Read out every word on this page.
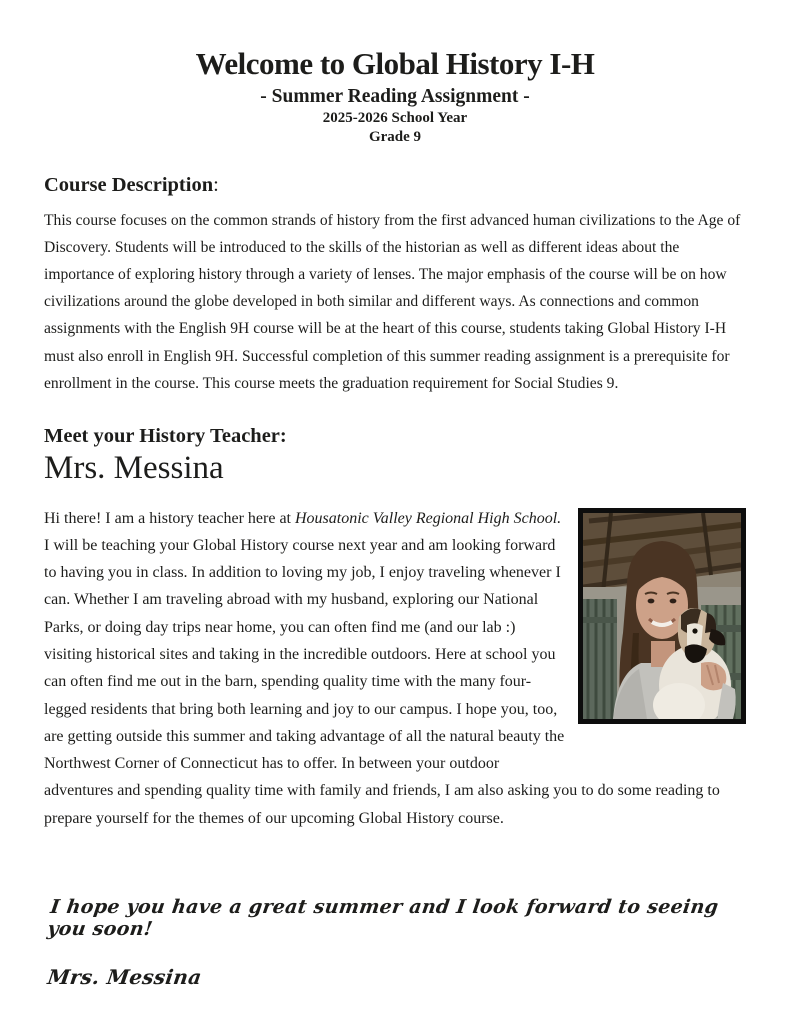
Welcome to Global History I-H
- Summer Reading Assignment -
2025-2026 School Year
Grade 9
Course Description:

This course focuses on the common strands of history from the first advanced human civilizations to the Age of Discovery. Students will be introduced to the skills of the historian as well as different ideas about the importance of exploring history through a variety of lenses. The major emphasis of the course will be on how civilizations around the globe developed in both similar and different ways. As connections and common assignments with the English 9H course will be at the heart of this course, students taking Global History I-H must also enroll in English 9H. Successful completion of this summer reading assignment is a prerequisite for enrollment in the course. This course meets the graduation requirement for Social Studies 9.

Meet your History Teacher:
Mrs. Messina

Hi there! I am a history teacher here at Housatonic Valley Regional High School. I will be teaching your Global History course next year and am looking forward to having you in class. In addition to loving my job, I enjoy traveling whenever I can. Whether I am traveling abroad with my husband, exploring our National Parks, or doing day trips near home, you can often find me (and our lab :) visiting historical sites and taking in the incredible outdoors. Here at school you can often find me out in the barn, spending quality time with the many four-legged residents that bring both learning and joy to our campus. I hope you, too, are getting outside this summer and taking advantage of all the natural beauty the Northwest Corner of Connecticut has to offer. In between your outdoor adventures and spending quality time with family and friends, I am also asking you to do some reading to prepare yourself for the themes of our upcoming Global History course.

I hope you have a great summer and I look forward to seeing you soon!

Mrs. Messina
